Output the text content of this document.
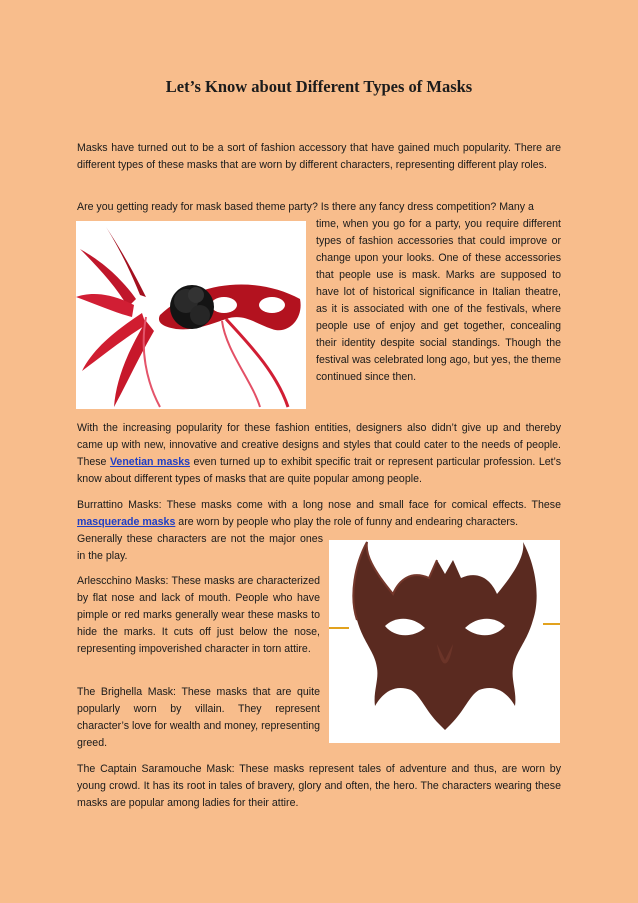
Let’s Know about Different Types of Masks

Masks have turned out to be a sort of fashion accessory that have gained much popularity. There are different types of these masks that are worn by different characters, representing different play roles.

Are you getting ready for mask based theme party? Is there any fancy dress competition? Many a

time, when you go for a party, you require different types of fashion accessories that could improve or change upon your looks. One of these accessories that people use is mask. Marks are supposed to have lot of historical significance in Italian theatre, as it is associated with one of the festivals, where people use of enjoy and get together, concealing their identity despite social standings. Though the festival was celebrated long ago, but yes, the theme continued since then.

With the increasing popularity for these fashion entities, designers also didn’t give up and thereby came up with new, innovative and creative designs and styles that could cater to the needs of people. These Venetian masks even turned up to exhibit specific trait or represent particular profession. Let’s know about different types of masks that are quite popular among people.

Burrattino Masks: These masks come with a long nose and small face for comical effects. These masquerade masks are worn by people who play the role of funny and endearing characters.

Generally these characters are not the major ones in the play.

Arlescchino Masks: These masks are characterized by flat nose and lack of mouth. People who have pimple or red marks generally wear these masks to hide the marks. It cuts off just below the nose, representing impoverished character in torn attire.

The Brighella Mask: These masks that are quite popularly worn by villain. They represent character’s love for wealth and money, representing greed.

The Captain Saramouche Mask: These masks represent tales of adventure and thus, are worn by young crowd. It has its root in tales of bravery, glory and often, the hero. The characters wearing these masks are popular among ladies for their attire.
